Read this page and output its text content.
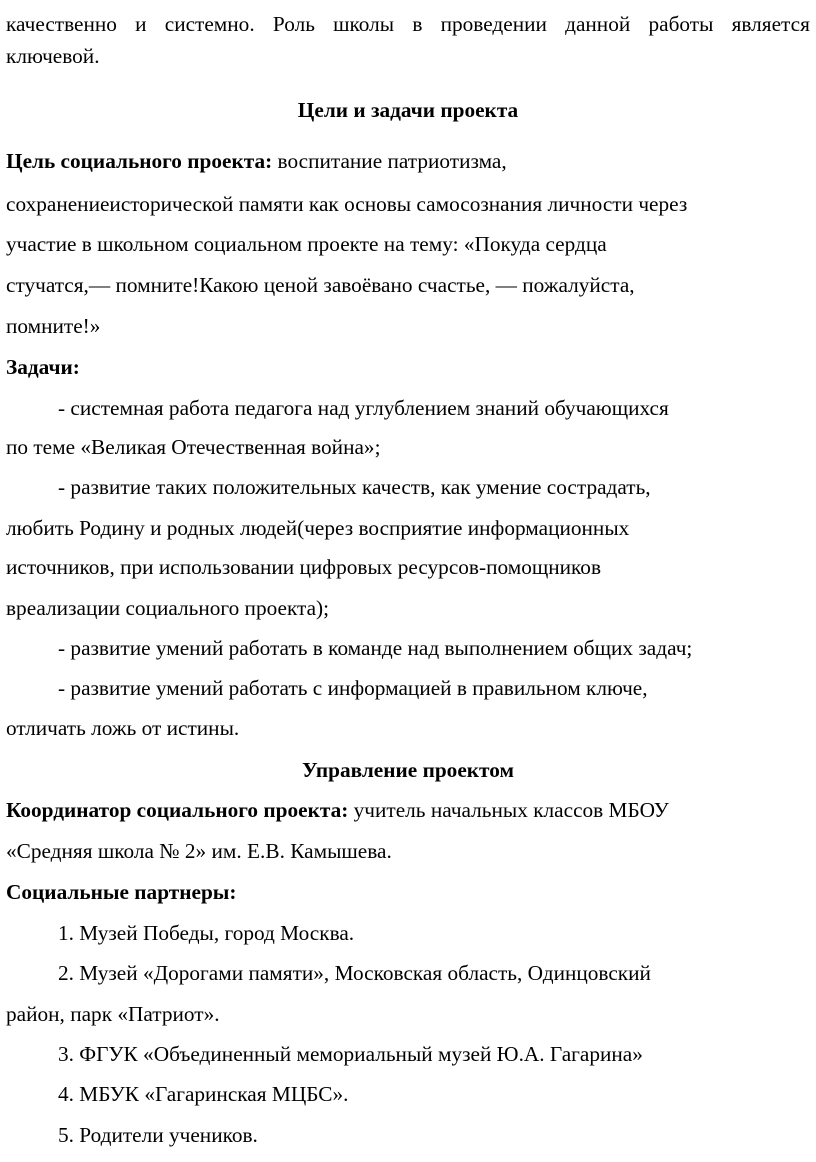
качественно и системно. Роль школы в проведении данной работы является
ключевой.
Цели и задачи проекта
Цель социального проекта: воспитание патриотизма,
сохранениеисторической памяти как основы самосознания личности через
участие в школьном социальном проекте на тему: «Покуда сердца
стучатся,— помните!Какою ценой завоёвано счастье, — пожалуйста,
помните!»
Задачи:
- системная работа педагога над углублением знаний обучающихся
по теме «Великая Отечественная война»;
- развитие таких положительных качеств, как умение сострадать,
любить Родину и родных людей(через восприятие информационных
источников, при использовании цифровых ресурсов-помощников
вреализации социального проекта);
- развитие умений работать в команде над выполнением общих задач;
- развитие умений работать с информацией в правильном ключе,
отличать ложь от истины.
Управление проектом
Координатор социального проекта: учитель начальных классов МБОУ
«Средняя школа № 2» им. Е.В. Камышева.
Социальные партнеры:
1. Музей Победы, город Москва.
2. Музей «Дорогами памяти», Московская область, Одинцовский
район, парк «Патриот».
3. ФГУК «Объединенный мемориальный музей Ю.А. Гагарина»
4. МБУК «Гагаринская МЦБС».
5. Родители учеников.
